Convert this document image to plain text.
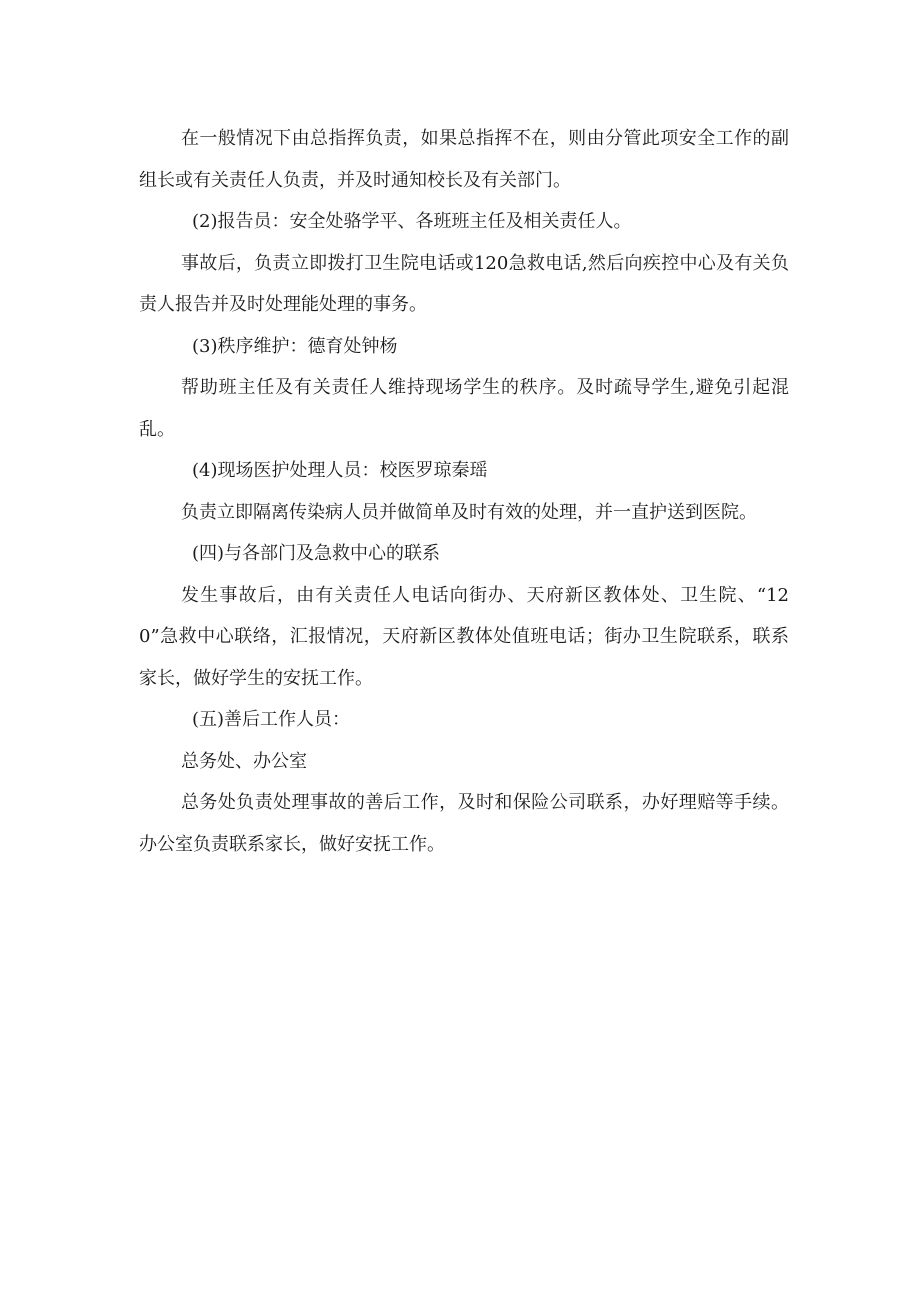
在一般情况下由总指挥负责，如果总指挥不在，则由分管此项安全工作的副组长或有关责任人负责，并及时通知校长及有关部门。

(2)报告员：安全处骆学平、各班班主任及相关责任人。

事故后，负责立即拨打卫生院电话或120急救电话,然后向疾控中心及有关负责人报告并及时处理能处理的事务。

(3)秩序维护：德育处钟杨

帮助班主任及有关责任人维持现场学生的秩序。及时疏导学生,避免引起混乱。

(4)现场医护处理人员：校医罗琼秦瑶

负责立即隔离传染病人员并做简单及时有效的处理，并一直护送到医院。

(四)与各部门及急救中心的联系

发生事故后，由有关责任人电话向街办、天府新区教体处、卫生院、“120”急救中心联络，汇报情况，天府新区教体处值班电话；街办卫生院联系，联系家长，做好学生的安抚工作。

(五)善后工作人员：

总务处、办公室

总务处负责处理事故的善后工作，及时和保险公司联系，办好理赔等手续。办公室负责联系家长，做好安抚工作。
